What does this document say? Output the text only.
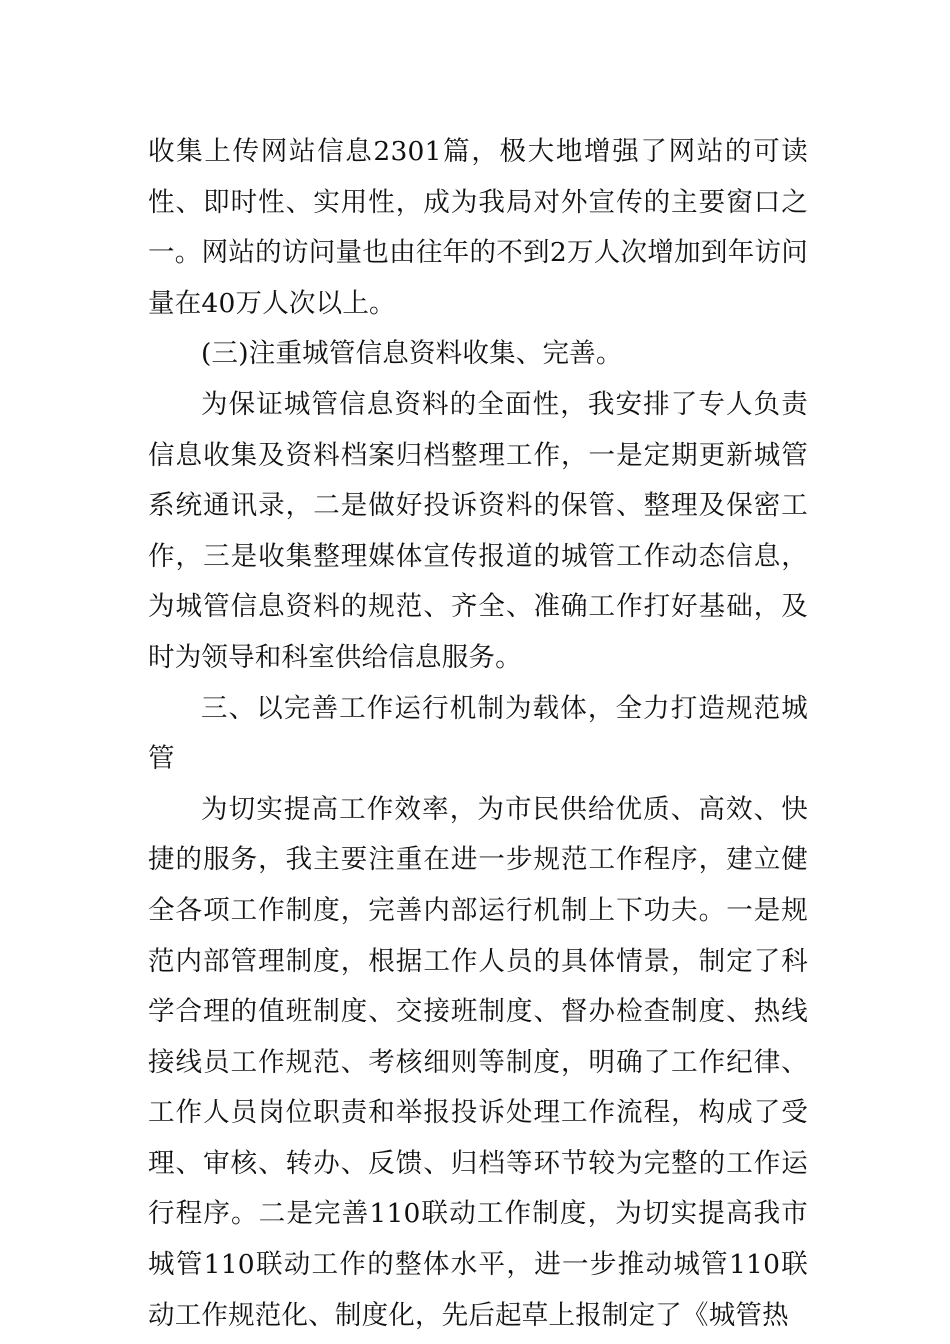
收集上传网站信息2301篇，极大地增强了网站的可读性、即时性、实用性，成为我局对外宣传的主要窗口之一。网站的访问量也由往年的不到2万人次增加到年访问量在40万人次以上。

(三)注重城管信息资料收集、完善。

为保证城管信息资料的全面性，我安排了专人负责信息收集及资料档案归档整理工作，一是定期更新城管系统通讯录，二是做好投诉资料的保管、整理及保密工作，三是收集整理媒体宣传报道的城管工作动态信息，为城管信息资料的规范、齐全、准确工作打好基础，及时为领导和科室供给信息服务。

三、以完善工作运行机制为载体，全力打造规范城管

为切实提高工作效率，为市民供给优质、高效、快捷的服务，我主要注重在进一步规范工作程序，建立健全各项工作制度，完善内部运行机制上下功夫。一是规范内部管理制度，根据工作人员的具体情景，制定了科学合理的值班制度、交接班制度、督办检查制度、热线接线员工作规范、考核细则等制度，明确了工作纪律、工作人员岗位职责和举报投诉处理工作流程，构成了受理、审核、转办、反馈、归档等环节较为完整的工作运行程序。二是完善110联动工作制度，为切实提高我市城管110联动工作的整体水平，进一步推动城管110联动工作规范化、制度化，先后起草上报制定了《城管热
